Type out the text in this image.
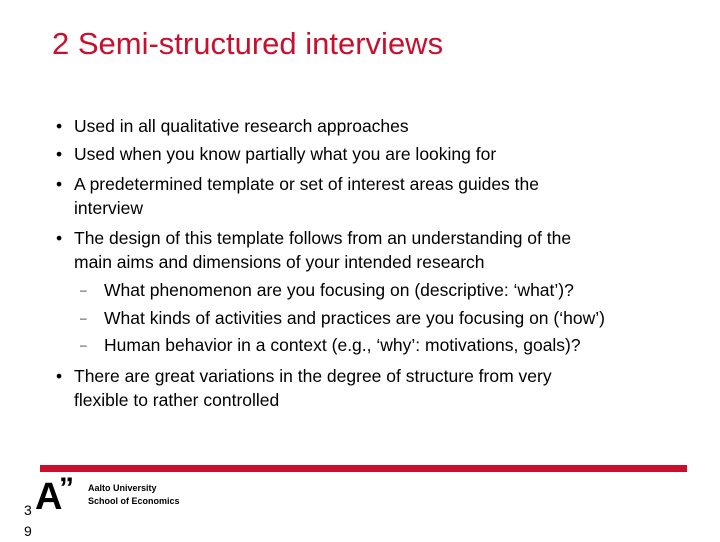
2 Semi-structured interviews
• Used in all qualitative research approaches
• Used when you know partially what you are looking for
• A predetermined template or set of interest areas guides the
interview
• The design of this template follows from an understanding of the
main aims and dimensions of your intended research
– What phenomenon are you focusing on (descriptive: ‘what’)?
– What kinds of activities and practices are you focusing on (‘how’)
– Human behavior in a context (e.g., ‘why’: motivations, goals)?
• There are great variations in the degree of structure from very
flexible to rather controlled
A
” Aalto University
School of Economics
39
